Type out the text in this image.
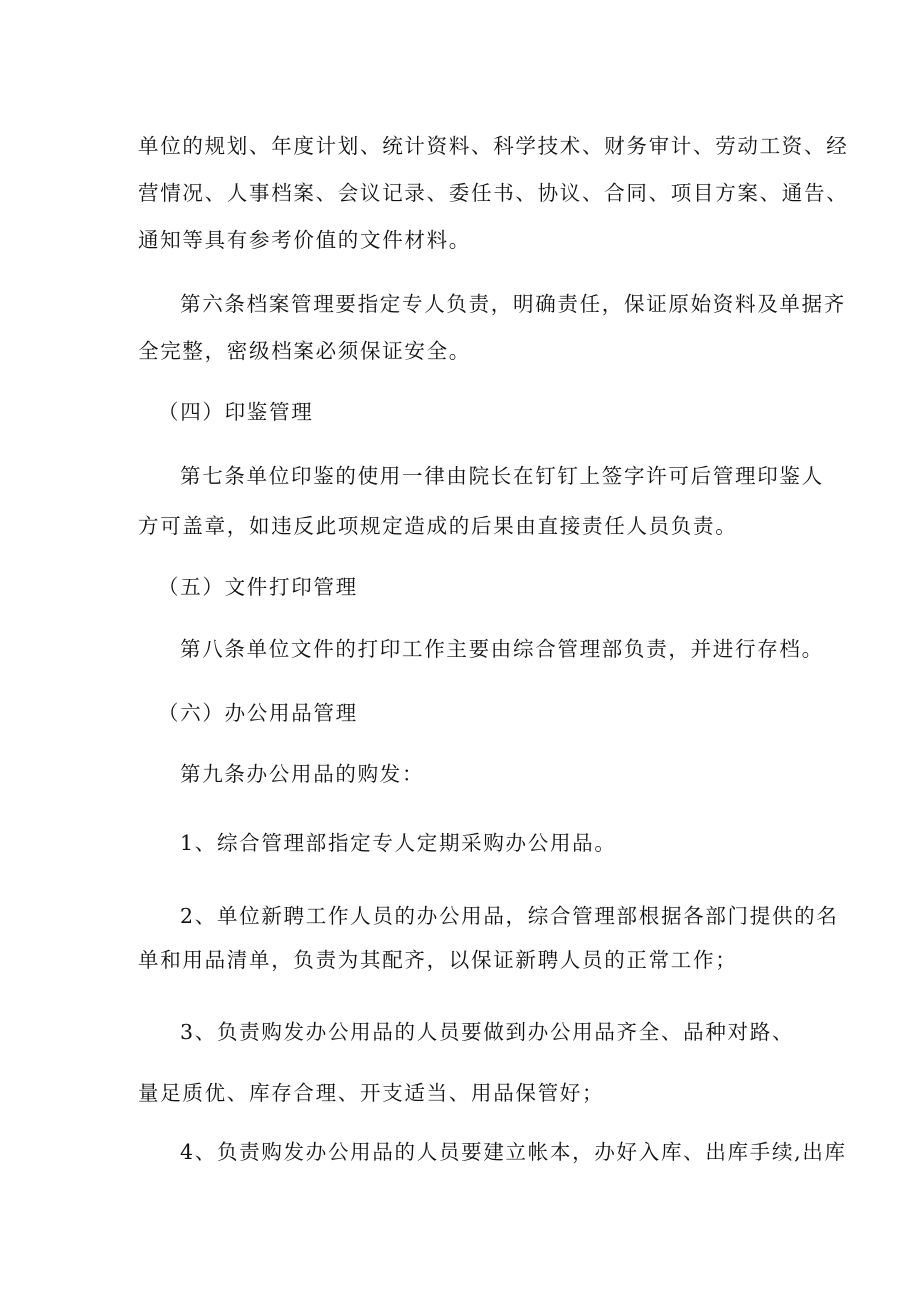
单位的规划、年度计划、统计资料、科学技术、财务审计、劳动工资、经
营情况、人事档案、会议记录、委任书、协议、合同、项目方案、通告、
通知等具有参考价值的文件材料。
第六条档案管理要指定专人负责，明确责任，保证原始资料及单据齐
全完整，密级档案必须保证安全。
（四）印鉴管理
第七条单位印鉴的使用一律由院长在钉钉上签字许可后管理印鉴人
方可盖章，如违反此项规定造成的后果由直接责任人员负责。
（五）文件打印管理
第八条单位文件的打印工作主要由综合管理部负责，并进行存档。
（六）办公用品管理
第九条办公用品的购发：
1、综合管理部指定专人定期采购办公用品。
2、单位新聘工作人员的办公用品，综合管理部根据各部门提供的名
单和用品清单，负责为其配齐，以保证新聘人员的正常工作；
3、负责购发办公用品的人员要做到办公用品齐全、品种对路、
量足质优、库存合理、开支适当、用品保管好；
4、负责购发办公用品的人员要建立帐本，办好入库、出库手续,出库
